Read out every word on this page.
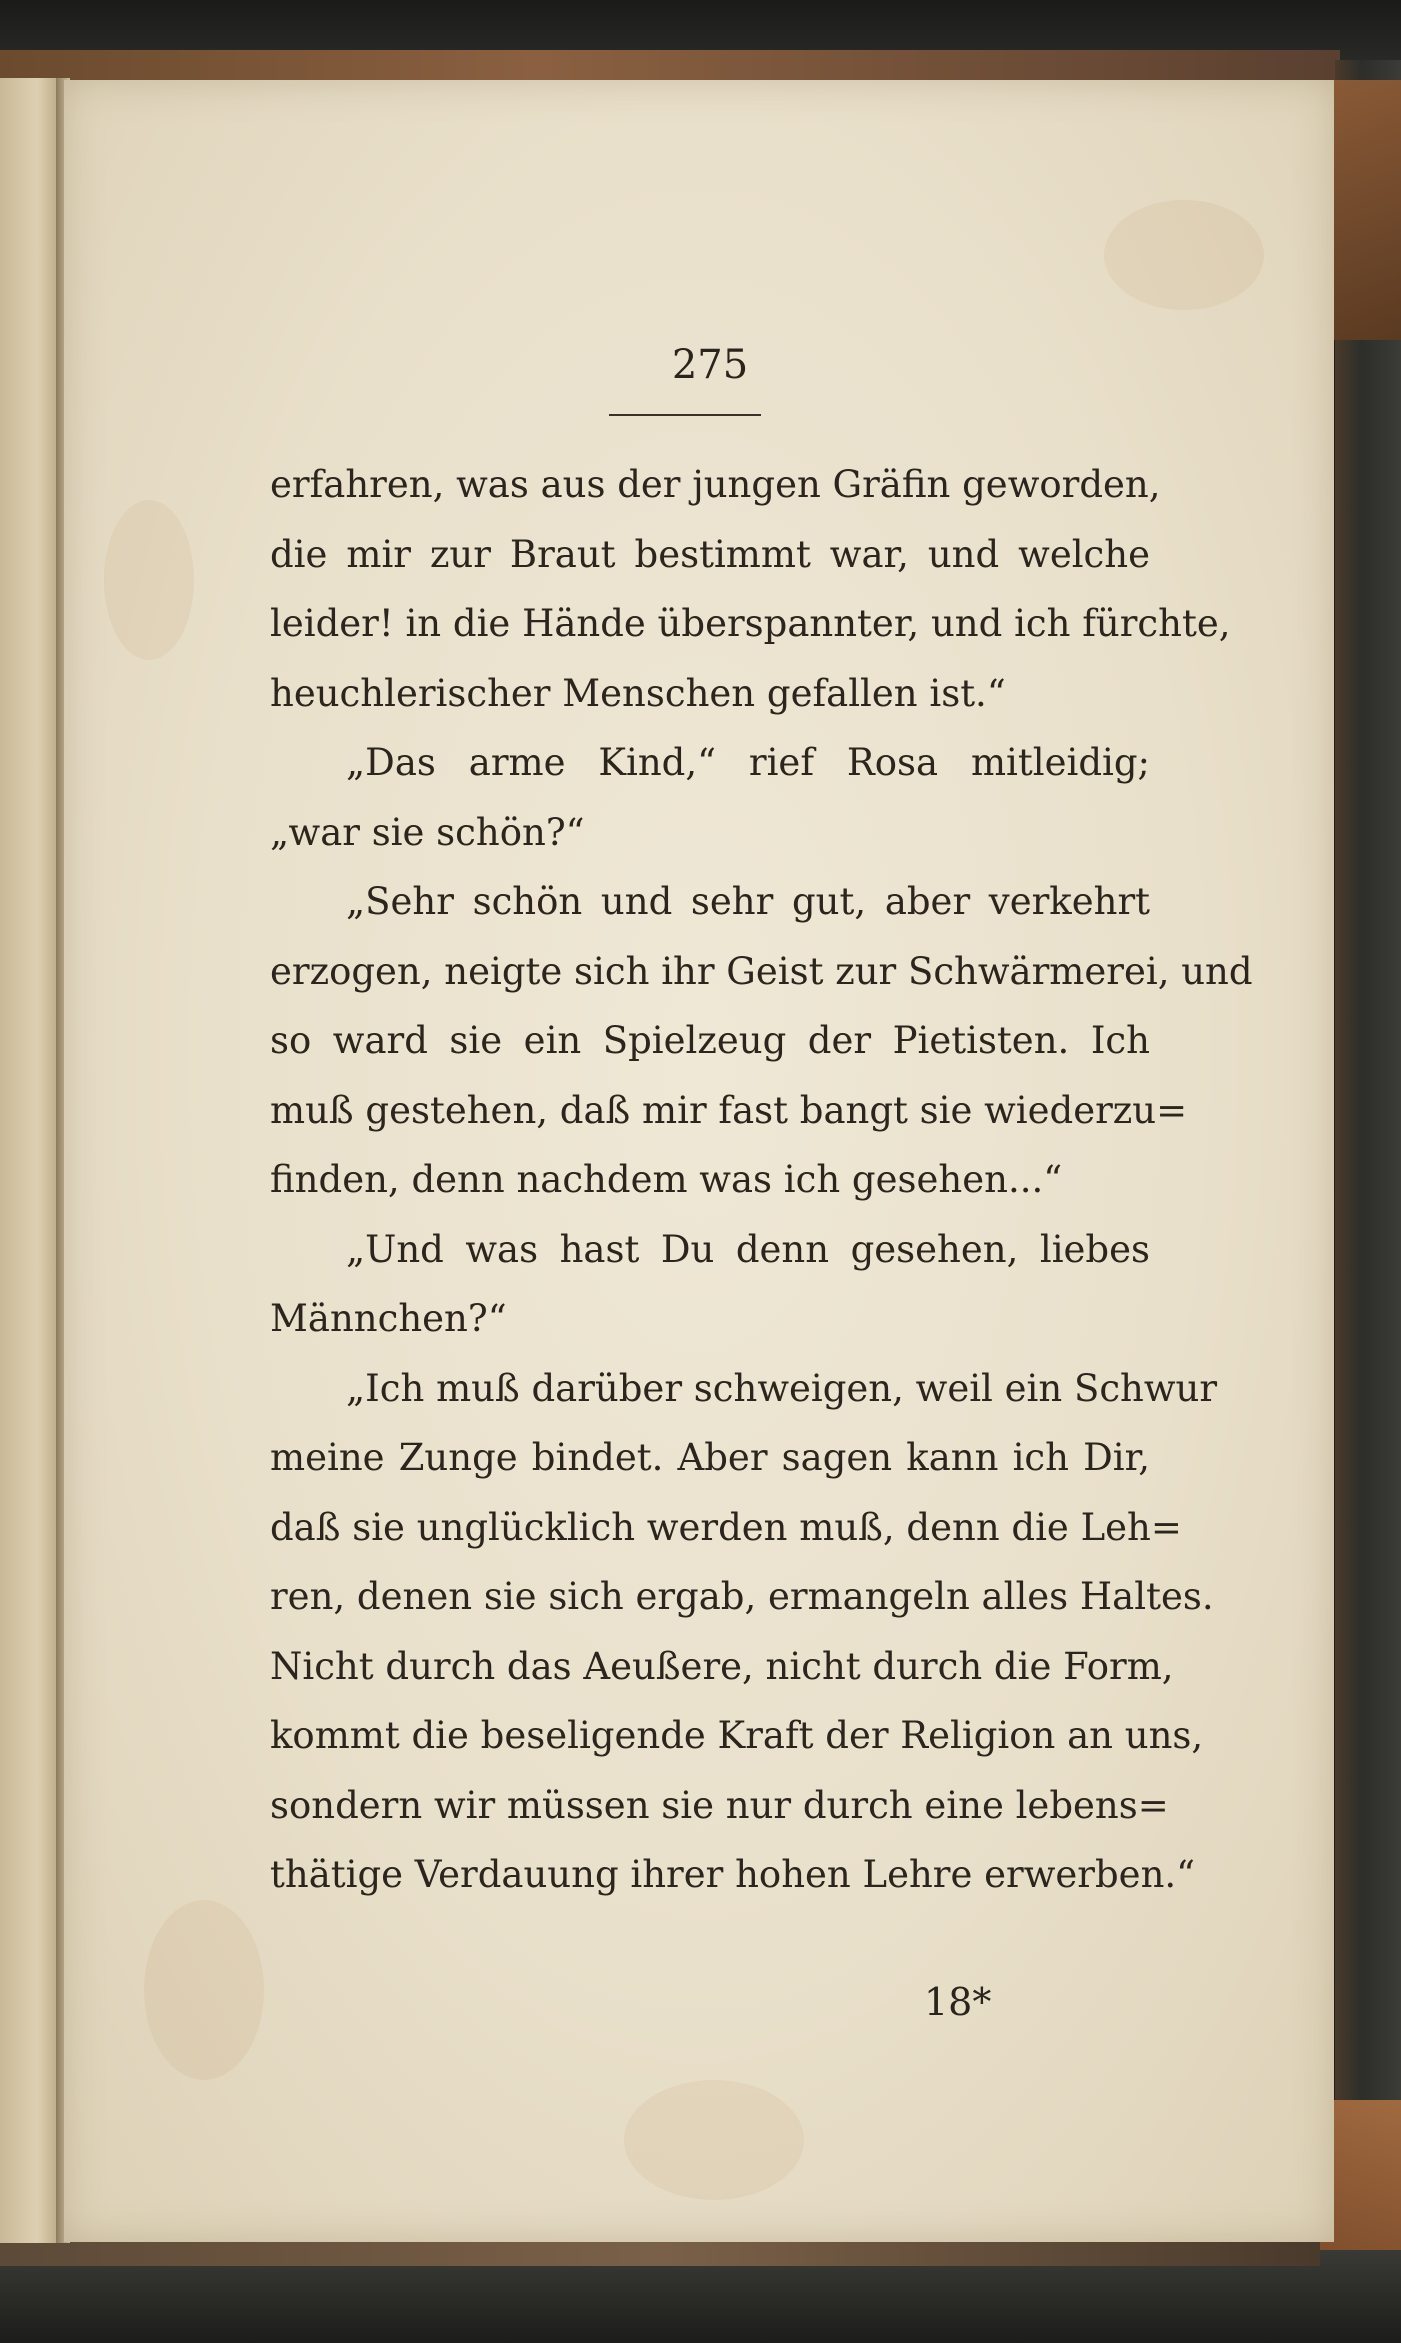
275
erfahren, was aus der jungen Gräfin geworden,
die mir zur Braut bestimmt war, und welche
leider! in die Hände überspannter, und ich fürchte,
heuchlerischer Menschen gefallen ist.“
„Das arme Kind,“ rief Rosa mitleidig;
„war sie schön?“
„Sehr schön und sehr gut, aber verkehrt
erzogen, neigte sich ihr Geist zur Schwärmerei, und
so ward sie ein Spielzeug der Pietisten. Ich
muß gestehen, daß mir fast bangt sie wiederzu=
finden, denn nachdem was ich gesehen...“
„Und was hast Du denn gesehen, liebes
Männchen?“
„Ich muß darüber schweigen, weil ein Schwur
meine Zunge bindet. Aber sagen kann ich Dir,
daß sie unglücklich werden muß, denn die Leh=
ren, denen sie sich ergab, ermangeln alles Haltes.
Nicht durch das Aeußere, nicht durch die Form,
kommt die beseligende Kraft der Religion an uns,
sondern wir müssen sie nur durch eine lebens=
thätige Verdauung ihrer hohen Lehre erwerben.“
18*
